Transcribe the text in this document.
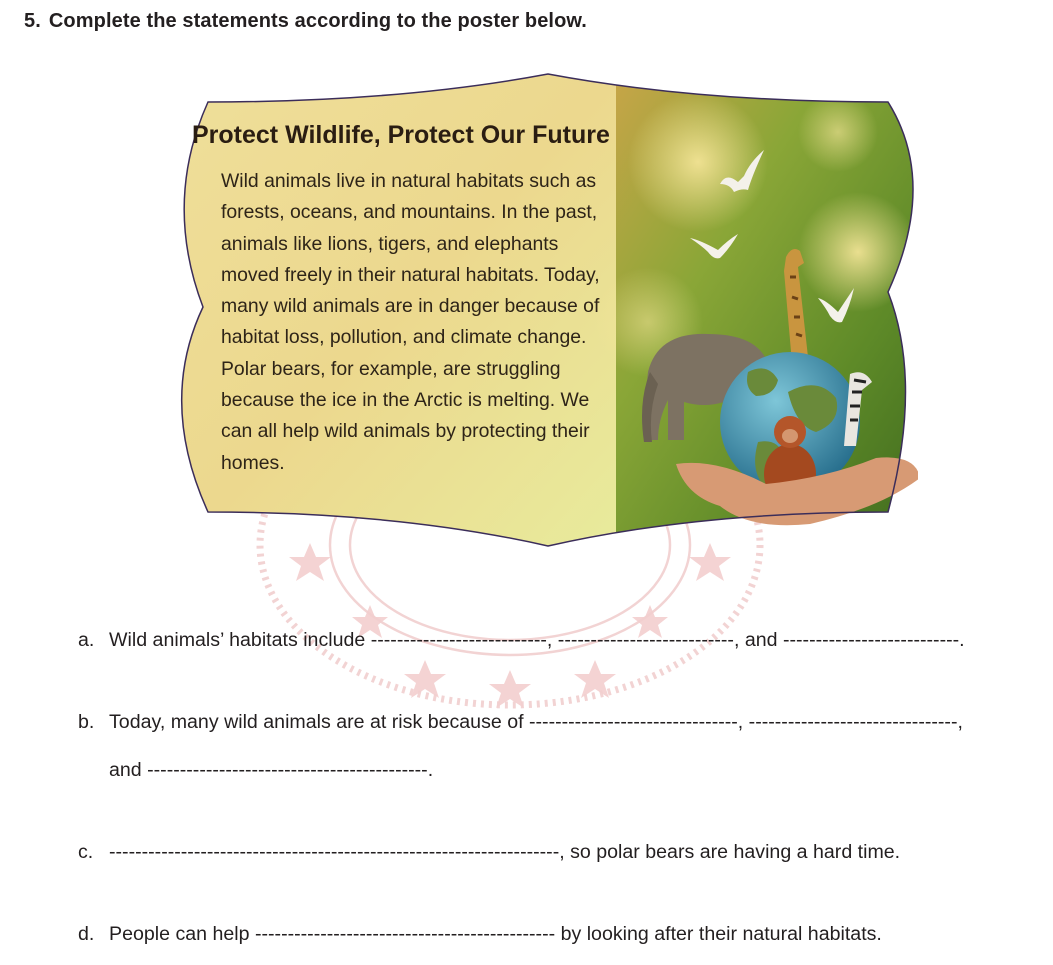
5. Complete the statements according to the poster below.
Protect Wildlife, Protect Our Future
Wild animals live in natural habitats such as forests, oceans, and mountains. In the past, animals like lions, tigers, and elephants moved freely in their natural habitats. Today, many wild animals are in danger because of habitat loss, pollution, and climate change. Polar bears, for example, are struggling because the ice in the Arctic is melting. We can all help wild animals by protecting their homes.
a. Wild animals’ habitats include ---------------------------, ---------------------------, and ---------------------------.
b. Today, many wild animals are at risk because of --------------------------------, --------------------------------,
and -------------------------------------------.
c. ---------------------------------------------------------------------, so polar bears are having a hard time.
d. People can help ---------------------------------------------- by looking after their natural habitats.
